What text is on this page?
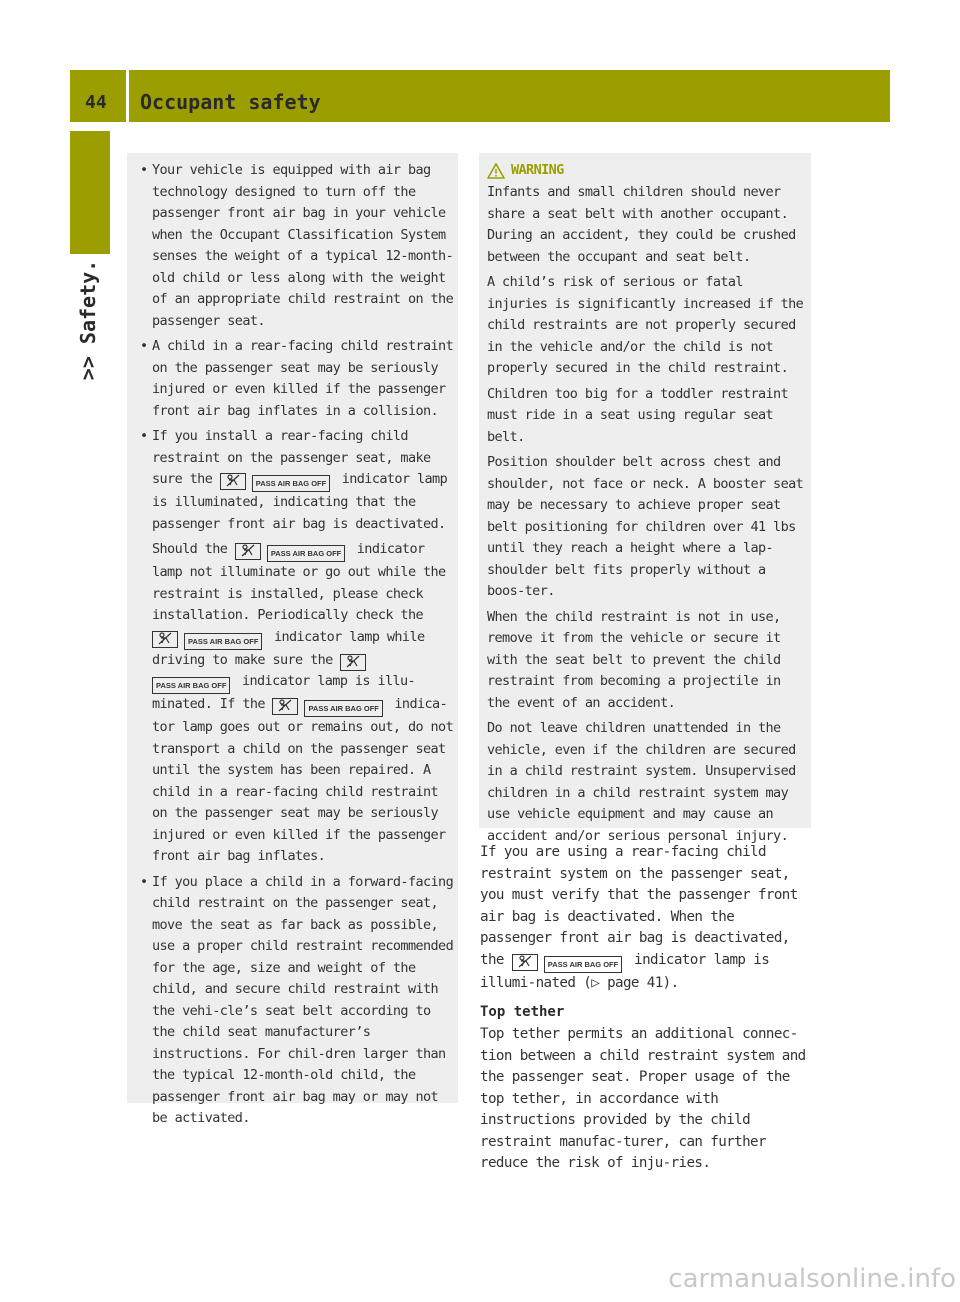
44 Occupant safety
>> Safety.
• Your vehicle is equipped with air bag technology designed to turn off the passenger front air bag in your vehicle when the Occupant Classification System senses the weight of a typical 12-month-old child or less along with the weight of an appropriate child restraint on the passenger seat.
• A child in a rear-facing child restraint on the passenger seat may be seriously injured or even killed if the passenger front air bag inflates in a collision.
• If you install a rear-facing child restraint on the passenger seat, make sure the	PASS AIR BAG OFF indicator lamp is illuminated, indicating that the passenger front air bag is deactivated.
Should the	PASS AIR BAG OFF indicator lamp not illuminate or go out while the restraint is installed, please check installation. Periodically check the PASS AIR BAG OFF indicator lamp while driving to make sure the PASS AIR BAG OFF indicator lamp is illu-minated. If the	PASS AIR BAG OFF indica-tor lamp goes out or remains out, do not transport a child on the passenger seat until the system has been repaired. A child in a rear-facing child restraint on the passenger seat may be seriously injured or even killed if the passenger front air bag inflates.
• If you place a child in a forward-facing child restraint on the passenger seat, move the seat as far back as possible, use a proper child restraint recommended for the age, size and weight of the child, and secure child restraint with the vehi-cle’s seat belt according to the child seat manufacturer’s instructions. For chil-dren larger than the typical 12-month-old child, the passenger front air bag may or may not be activated.
WARNING
Infants and small children should never share a seat belt with another occupant. During an accident, they could be crushed between the occupant and seat belt.
A child’s risk of serious or fatal injuries is significantly increased if the child restraints are not properly secured in the vehicle and/or the child is not properly secured in the child restraint.
Children too big for a toddler restraint must ride in a seat using regular seat belt.
Position shoulder belt across chest and shoulder, not face or neck. A booster seat may be necessary to achieve proper seat belt positioning for children over 41 lbs until they reach a height where a lap-shoulder belt fits properly without a boos-ter.
When the child restraint is not in use, remove it from the vehicle or secure it with the seat belt to prevent the child restraint from becoming a projectile in the event of an accident.
Do not leave children unattended in the vehicle, even if the children are secured in a child restraint system. Unsupervised children in a child restraint system may use vehicle equipment and may cause an accident and/or serious personal injury.
If you are using a rear-facing child restraint system on the passenger seat, you must verify that the passenger front air bag is deactivated. When the passenger front air bag is deactivated, the	PASS AIR BAG OFF indicator lamp is illumi-nated (▷ page 41).
Top tether
Top tether permits an additional connec-tion between a child restraint system and the passenger seat. Proper usage of the top tether, in accordance with instructions provided by the child restraint manufac-turer, can further reduce the risk of inju-ries.
carmanualsonline.info
